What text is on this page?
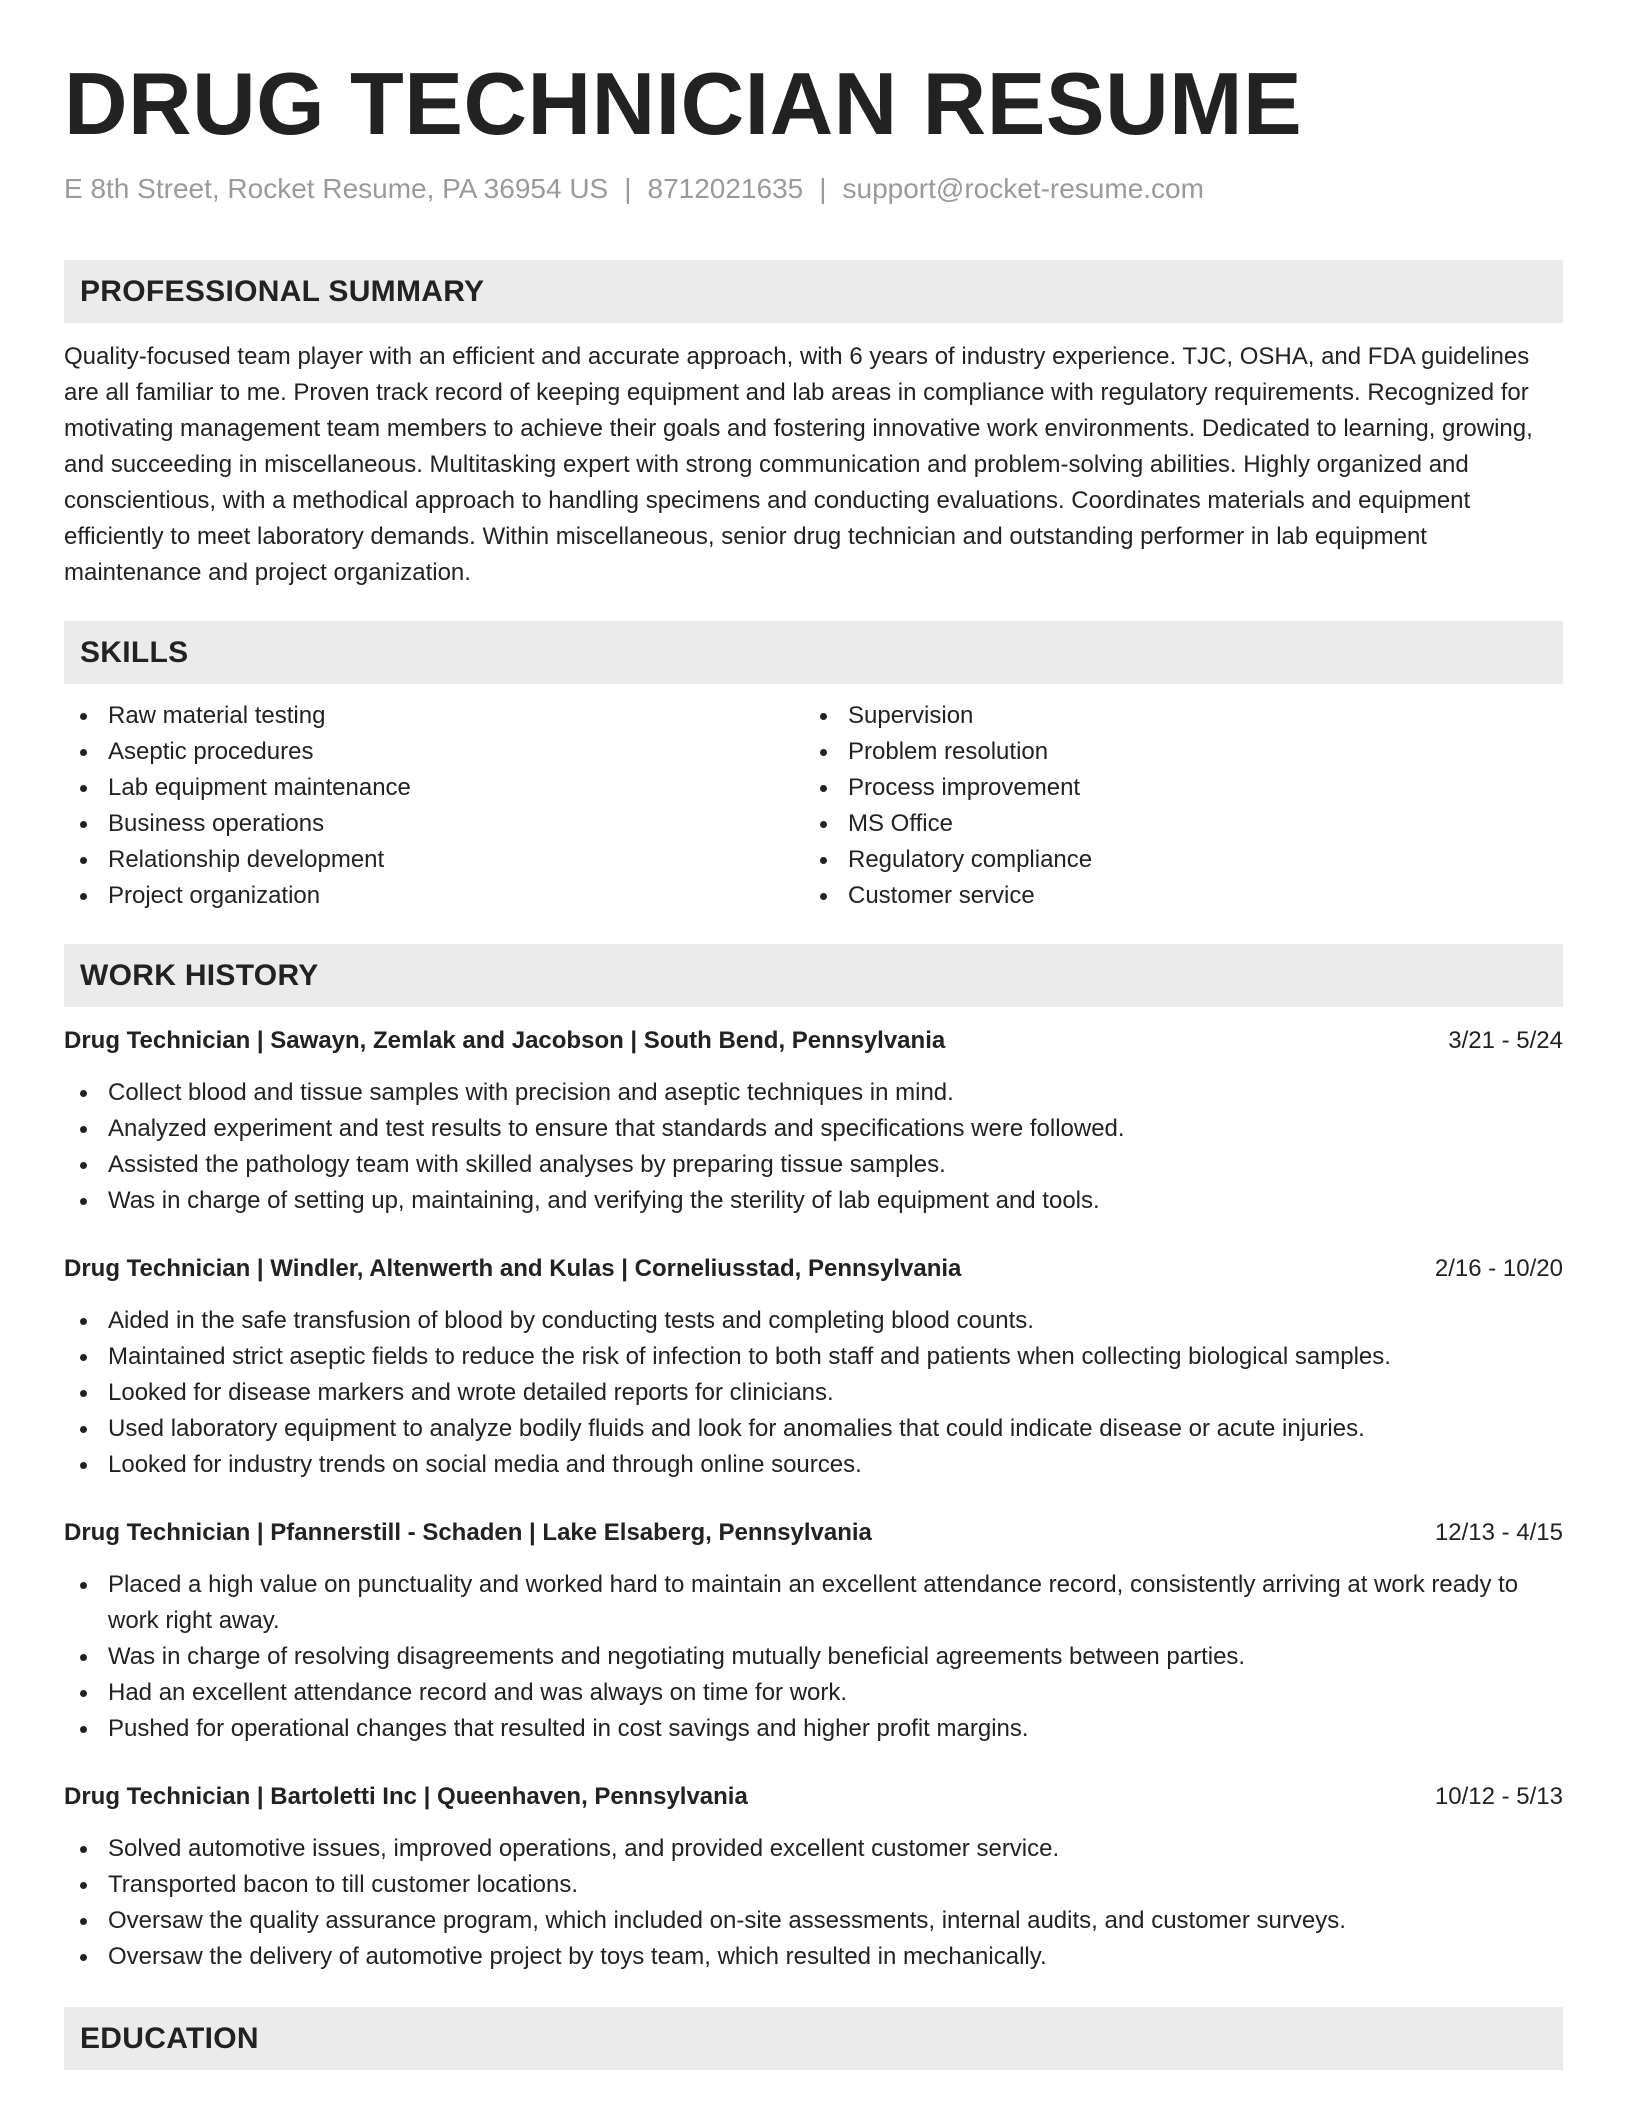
DRUG TECHNICIAN RESUME
E 8th Street, Rocket Resume, PA 36954 US | 8712021635 | support@rocket-resume.com
PROFESSIONAL SUMMARY

Quality-focused team player with an efficient and accurate approach, with 6 years of industry experience. TJC, OSHA, and FDA guidelines are all familiar to me. Proven track record of keeping equipment and lab areas in compliance with regulatory requirements. Recognized for motivating management team members to achieve their goals and fostering innovative work environments. Dedicated to learning, growing, and succeeding in miscellaneous. Multitasking expert with strong communication and problem-solving abilities. Highly organized and conscientious, with a methodical approach to handling specimens and conducting evaluations. Coordinates materials and equipment efficiently to meet laboratory demands. Within miscellaneous, senior drug technician and outstanding performer in lab equipment maintenance and project organization.

SKILLS
Raw material testing
Aseptic procedures
Lab equipment maintenance
Business operations
Relationship development
Project organization
Supervision
Problem resolution
Process improvement
MS Office
Regulatory compliance
Customer service
WORK HISTORY
Drug Technician | Sawayn, Zemlak and Jacobson | South Bend, Pennsylvania	3/21 - 5/24
Collect blood and tissue samples with precision and aseptic techniques in mind.
Analyzed experiment and test results to ensure that standards and specifications were followed.
Assisted the pathology team with skilled analyses by preparing tissue samples.
Was in charge of setting up, maintaining, and verifying the sterility of lab equipment and tools.
Drug Technician | Windler, Altenwerth and Kulas | Corneliusstad, Pennsylvania	2/16 - 10/20
Aided in the safe transfusion of blood by conducting tests and completing blood counts.
Maintained strict aseptic fields to reduce the risk of infection to both staff and patients when collecting biological samples.
Looked for disease markers and wrote detailed reports for clinicians.
Used laboratory equipment to analyze bodily fluids and look for anomalies that could indicate disease or acute injuries.
Looked for industry trends on social media and through online sources.
Drug Technician | Pfannerstill - Schaden | Lake Elsaberg, Pennsylvania	12/13 - 4/15
Placed a high value on punctuality and worked hard to maintain an excellent attendance record, consistently arriving at work ready to work right away.
Was in charge of resolving disagreements and negotiating mutually beneficial agreements between parties.
Had an excellent attendance record and was always on time for work.
Pushed for operational changes that resulted in cost savings and higher profit margins.
Drug Technician | Bartoletti Inc | Queenhaven, Pennsylvania	10/12 - 5/13
Solved automotive issues, improved operations, and provided excellent customer service.
Transported bacon to till customer locations.
Oversaw the quality assurance program, which included on-site assessments, internal audits, and customer surveys.
Oversaw the delivery of automotive project by toys team, which resulted in mechanically.
EDUCATION
